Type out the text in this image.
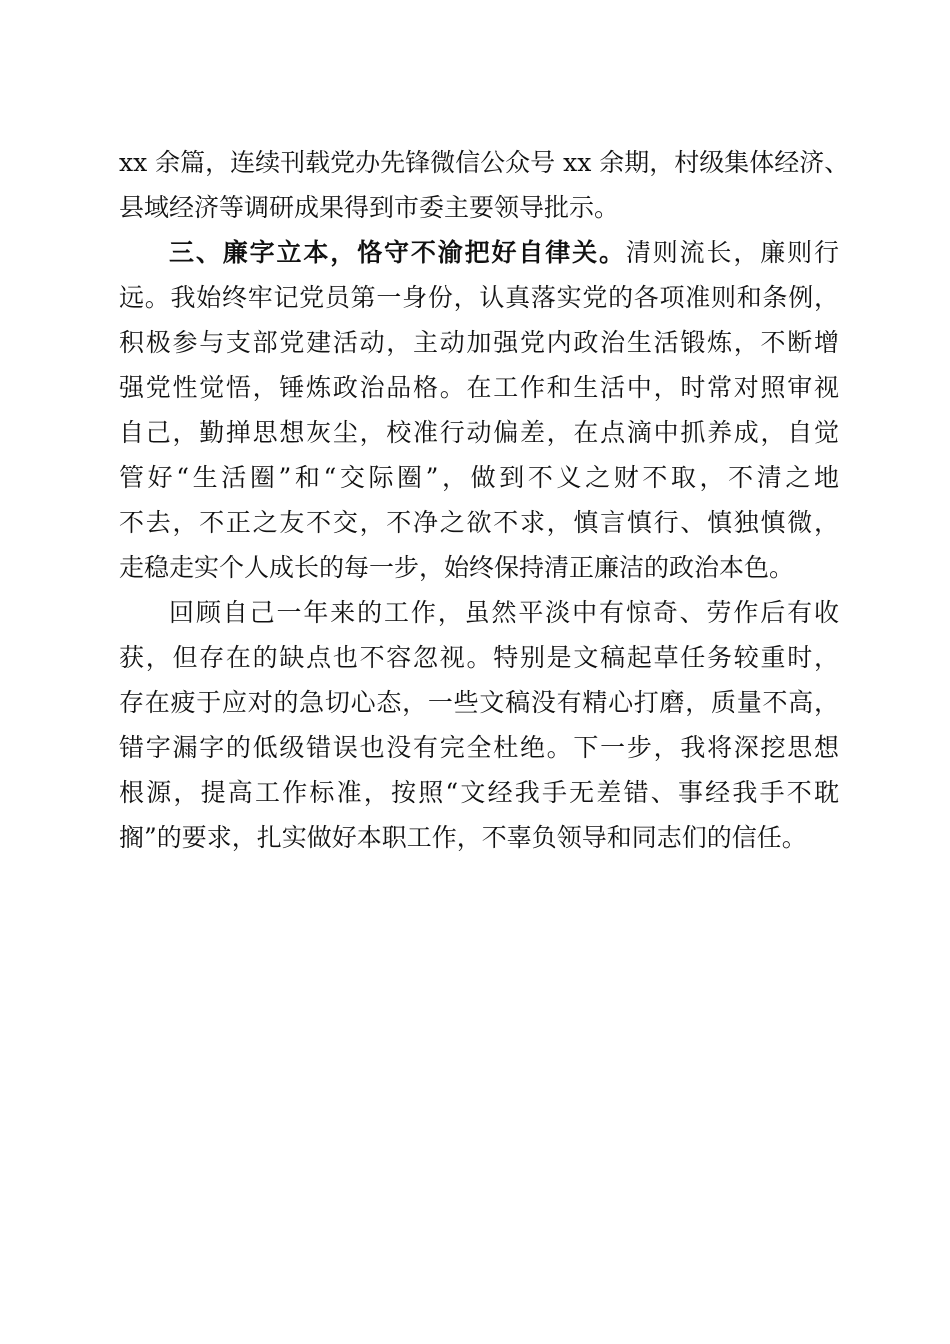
xx 余篇，连续刊载党办先锋微信公众号 xx 余期，村级集体经济、
县域经济等调研成果得到市委主要领导批示。
三、廉字立本，恪守不渝把好自律关。清则流长，廉则行
远。我始终牢记党员第一身份，认真落实党的各项准则和条例，
积极参与支部党建活动，主动加强党内政治生活锻炼，不断增
强党性觉悟，锤炼政治品格。在工作和生活中，时常对照审视
自己，勤掸思想灰尘，校准行动偏差，在点滴中抓养成，自觉
管好“生活圈”和“交际圈”，做到不义之财不取，不清之地
不去，不正之友不交，不净之欲不求，慎言慎行、慎独慎微，
走稳走实个人成长的每一步，始终保持清正廉洁的政治本色。
回顾自己一年来的工作，虽然平淡中有惊奇、劳作后有收
获，但存在的缺点也不容忽视。特别是文稿起草任务较重时，
存在疲于应对的急切心态，一些文稿没有精心打磨，质量不高，
错字漏字的低级错误也没有完全杜绝。下一步，我将深挖思想
根源，提高工作标准，按照“文经我手无差错、事经我手不耽
搁”的要求，扎实做好本职工作，不辜负领导和同志们的信任。
